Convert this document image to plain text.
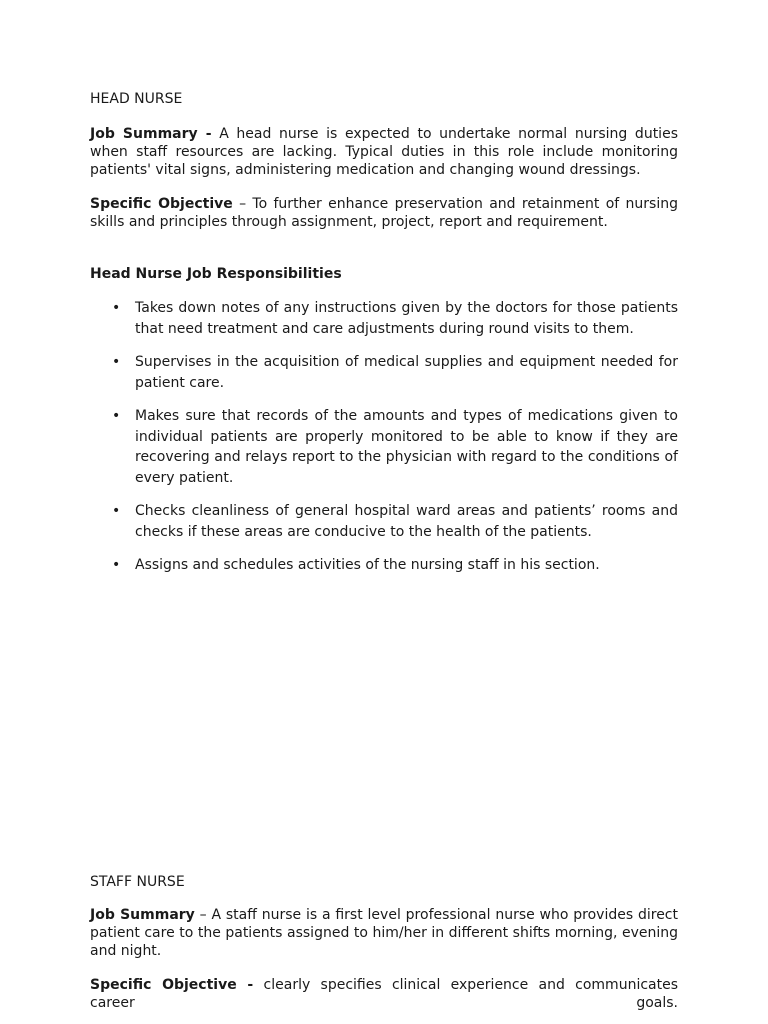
HEAD NURSE

Job Summary - A head nurse is expected to undertake normal nursing duties when staff resources are lacking. Typical duties in this role include monitoring patients' vital signs, administering medication and changing wound dressings.

Specific Objective – To further enhance preservation and retainment of nursing skills and principles through assignment, project, report and requirement.

Head Nurse Job Responsibilities

• Takes down notes of any instructions given by the doctors for those patients that need treatment and care adjustments during round visits to them.
• Supervises in the acquisition of medical supplies and equipment needed for patient care.
• Makes sure that records of the amounts and types of medications given to individual patients are properly monitored to be able to know if they are recovering and relays report to the physician with regard to the conditions of every patient.
• Checks cleanliness of general hospital ward areas and patients’ rooms and checks if these areas are conducive to the health of the patients.
• Assigns and schedules activities of the nursing staff in his section.

STAFF NURSE

Job Summary – A staff nurse is a first level professional nurse who provides direct patient care to the patients assigned to him/her in different shifts morning, evening and night.

Specific Objective - clearly specifies clinical experience and communicates career goals.
